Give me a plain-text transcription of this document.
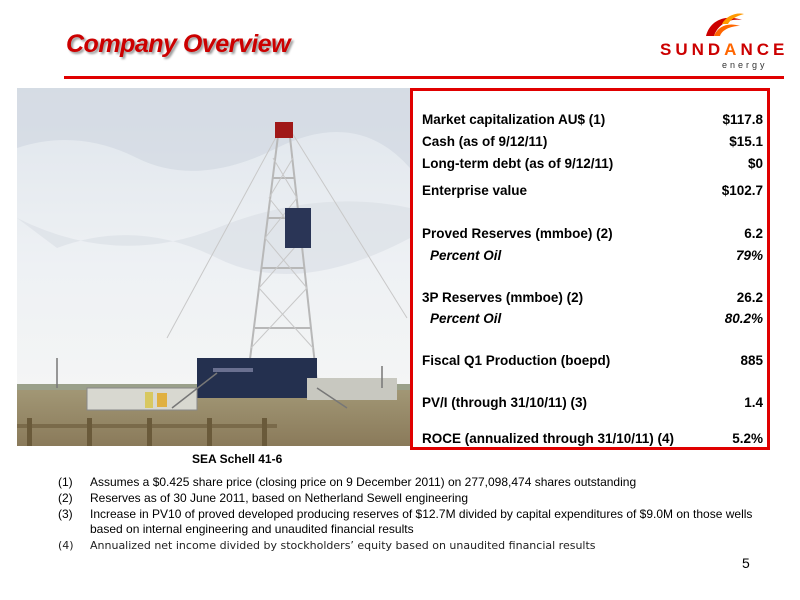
Company Overview	SUNDANCE
energy
SEA Schell 41-6
Market capitalization AU$ (1)	$117.8
Cash (as of 9/12/11)	$15.1
Long-term debt (as of 9/12/11)	$0
Enterprise value	$102.7
Proved Reserves (mmboe) (2)	6.2
Percent Oil	79%
3P Reserves (mmboe) (2)	26.2
Percent Oil	80.2%
Fiscal Q1 Production (boepd)	885
PV/I (through 31/10/11) (3)	1.4
ROCE (annualized through 31/10/11) (4)	5.2%
(1) Assumes a $0.425 share price (closing price on 9 December 2011) on 277,098,474 shares outstanding
(2) Reserves as of 30 June 2011, based on Netherland Sewell engineering
(3) Increase in PV10 of proved developed producing reserves of $12.7M divided by capital expenditures of $9.0M on those wells based on internal engineering and unaudited financial results
(4) Annualized net income divided by stockholders’ equity based on unaudited financial results
5
